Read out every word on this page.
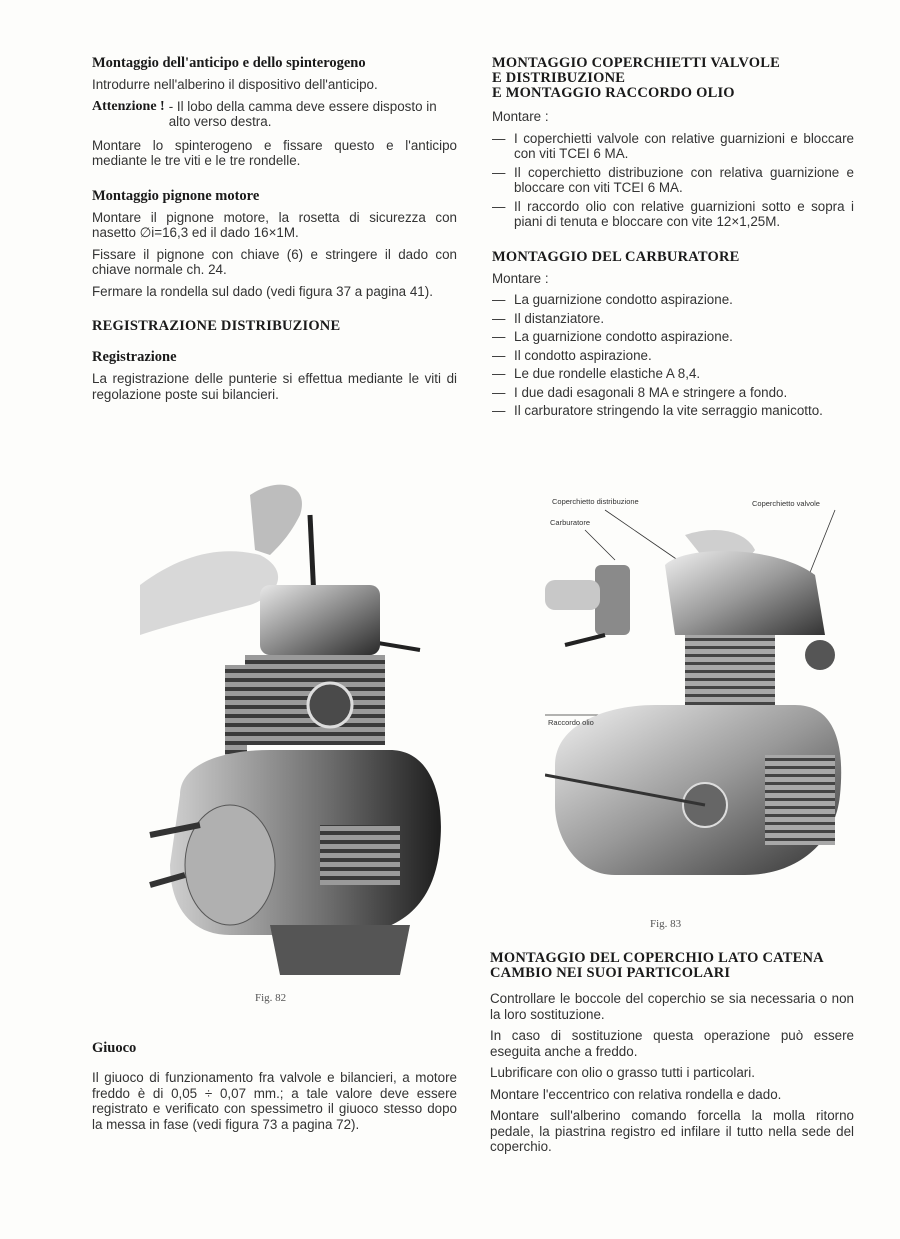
Montaggio dell'anticipo e dello spinterogeno

Introdurre nell'alberino il dispositivo dell'anticipo.

Attenzione ! - Il lobo della camma deve essere disposto in alto verso destra.

Montare lo spinterogeno e fissare questo e l'anticipo mediante le tre viti e le tre rondelle.

Montaggio pignone motore

Montare il pignone motore, la rosetta di sicurezza con nasetto ∅i=16,3 ed il dado 16×1M.

Fissare il pignone con chiave (6) e stringere il dado con chiave normale ch. 24.

Fermare la rondella sul dado (vedi figura 37 a pagina 41).

REGISTRAZIONE DISTRIBUZIONE
Registrazione

La registrazione delle punterie si effettua mediante le viti di regolazione poste sui bilancieri.

Fig. 82
Giuoco

Il giuoco di funzionamento fra valvole e bilancieri, a motore freddo è di 0,05 ÷ 0,07 mm.; a tale valore deve essere registrato e verificato con spessimetro il giuoco stesso dopo la messa in fase (vedi figura 73 a pagina 72).

MONTAGGIO COPERCHIETTI VALVOLE
E DISTRIBUZIONE
E MONTAGGIO RACCORDO OLIO

Montare :

— I coperchietti valvole con relative guarnizioni e bloccare con viti TCEI 6 MA.
— Il coperchietto distribuzione con relativa guarnizione e bloccare con viti TCEI 6 MA.
— Il raccordo olio con relative guarnizioni sotto e sopra i piani di tenuta e bloccare con vite 12×1,25M.
MONTAGGIO DEL CARBURATORE

Montare :

— La guarnizione condotto aspirazione.
— Il distanziatore.
— La guarnizione condotto aspirazione.
— Il condotto aspirazione.
— Le due rondelle elastiche A 8,4.
— I due dadi esagonali 8 MA e stringere a fondo.
— Il carburatore stringendo la vite serraggio manicotto.
Coperchietto distribuzione	Coperchietto valvole
Carburatore
Raccordo olio
Fig. 83
MONTAGGIO DEL COPERCHIO LATO CATENA
CAMBIO NEI SUOI PARTICOLARI

Controllare le boccole del coperchio se sia necessaria o non la loro sostituzione.

In caso di sostituzione questa operazione può essere eseguita anche a freddo.

Lubrificare con olio o grasso tutti i particolari.

Montare l'eccentrico con relativa rondella e dado.

Montare sull'alberino comando forcella la molla ritorno pedale, la piastrina registro ed infilare il tutto nella sede del coperchio.
